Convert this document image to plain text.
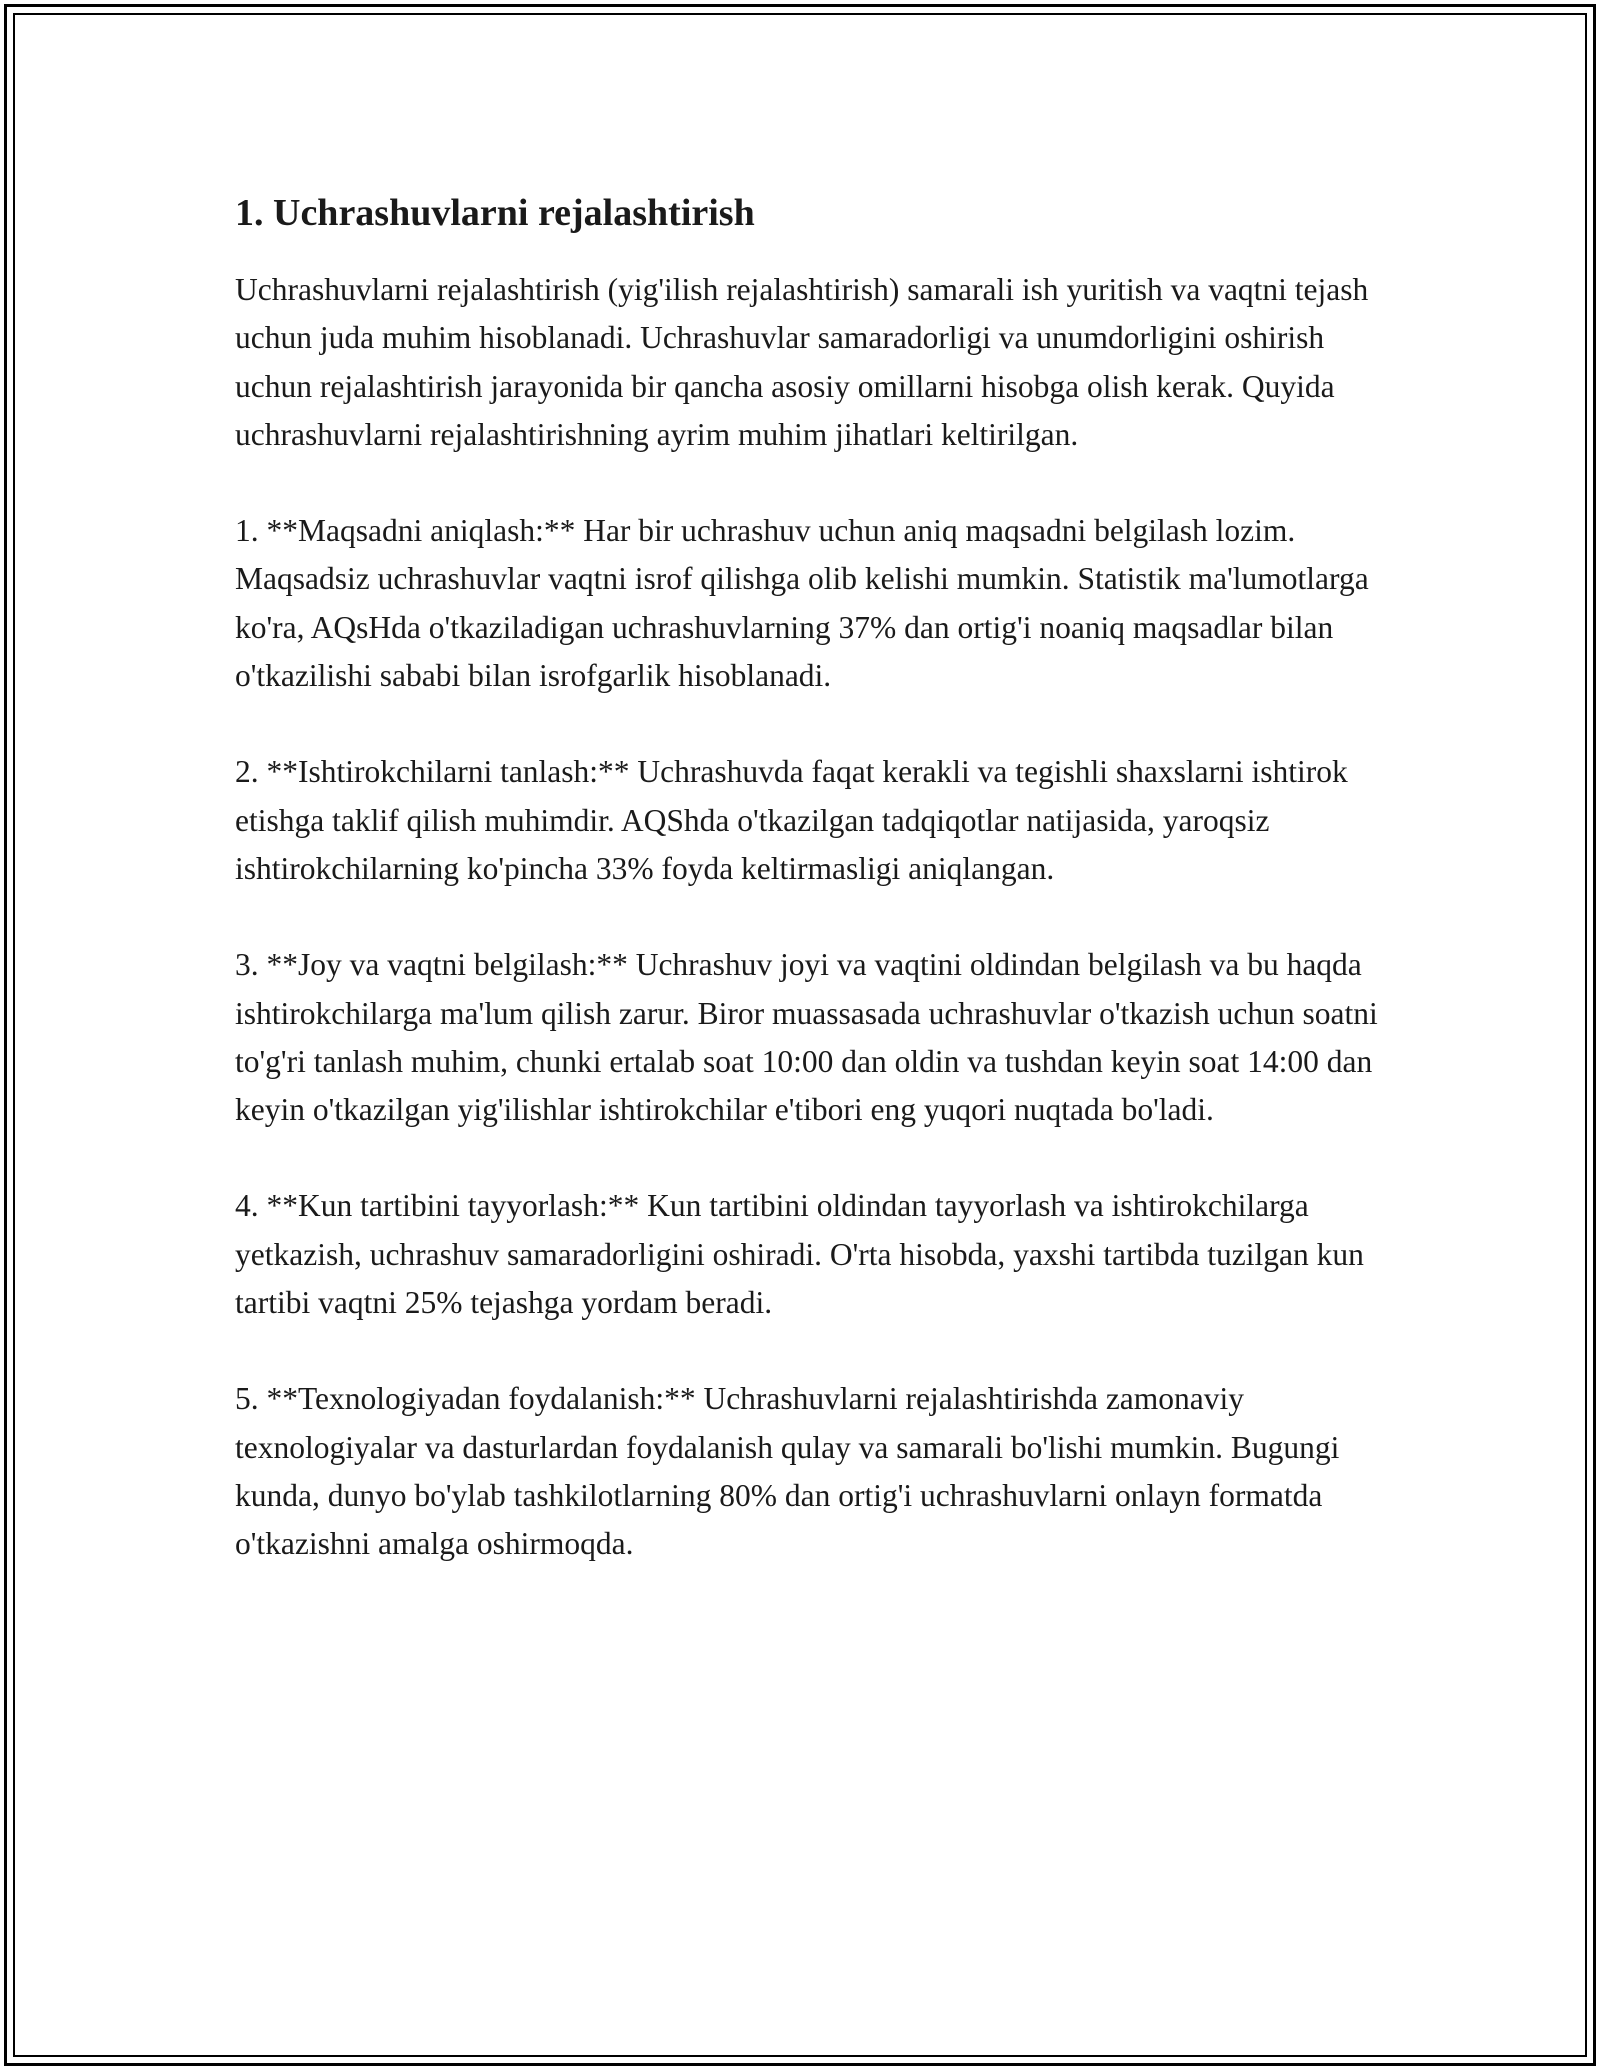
1. Uchrashuvlarni rejalashtirish

Uchrashuvlarni rejalashtirish (yig'ilish rejalashtirish) samarali ish yuritish va vaqtni tejash uchun juda muhim hisoblanadi. Uchrashuvlar samaradorligi va unumdorligini oshirish uchun rejalashtirish jarayonida bir qancha asosiy omillarni hisobga olish kerak. Quyida uchrashuvlarni rejalashtirishning ayrim muhim jihatlari keltirilgan.

1. **Maqsadni aniqlash:** Har bir uchrashuv uchun aniq maqsadni belgilash lozim. Maqsadsiz uchrashuvlar vaqtni isrof qilishga olib kelishi mumkin. Statistik ma'lumotlarga ko'ra, AQsHda o'tkaziladigan uchrashuvlarning 37% dan ortig'i noaniq maqsadlar bilan o'tkazilishi sababi bilan isrofgarlik hisoblanadi.

2. **Ishtirokchilarni tanlash:** Uchrashuvda faqat kerakli va tegishli shaxslarni ishtirok etishga taklif qilish muhimdir. AQShda o'tkazilgan tadqiqotlar natijasida, yaroqsiz ishtirokchilarning ko'pincha 33% foyda keltirmasligi aniqlangan.

3. **Joy va vaqtni belgilash:** Uchrashuv joyi va vaqtini oldindan belgilash va bu haqda ishtirokchilarga ma'lum qilish zarur. Biror muassasada uchrashuvlar o'tkazish uchun soatni to'g'ri tanlash muhim, chunki ertalab soat 10:00 dan oldin va tushdan keyin soat 14:00 dan keyin o'tkazilgan yig'ilishlar ishtirokchilar e'tibori eng yuqori nuqtada bo'ladi.

4. **Kun tartibini tayyorlash:** Kun tartibini oldindan tayyorlash va ishtirokchilarga yetkazish, uchrashuv samaradorligini oshiradi. O'rta hisobda, yaxshi tartibda tuzilgan kun tartibi vaqtni 25% tejashga yordam beradi.

5. **Texnologiyadan foydalanish:** Uchrashuvlarni rejalashtirishda zamonaviy texnologiyalar va dasturlardan foydalanish qulay va samarali bo'lishi mumkin. Bugungi kunda, dunyo bo'ylab tashkilotlarning 80% dan ortig'i uchrashuvlarni onlayn formatda o'tkazishni amalga oshirmoqda.
